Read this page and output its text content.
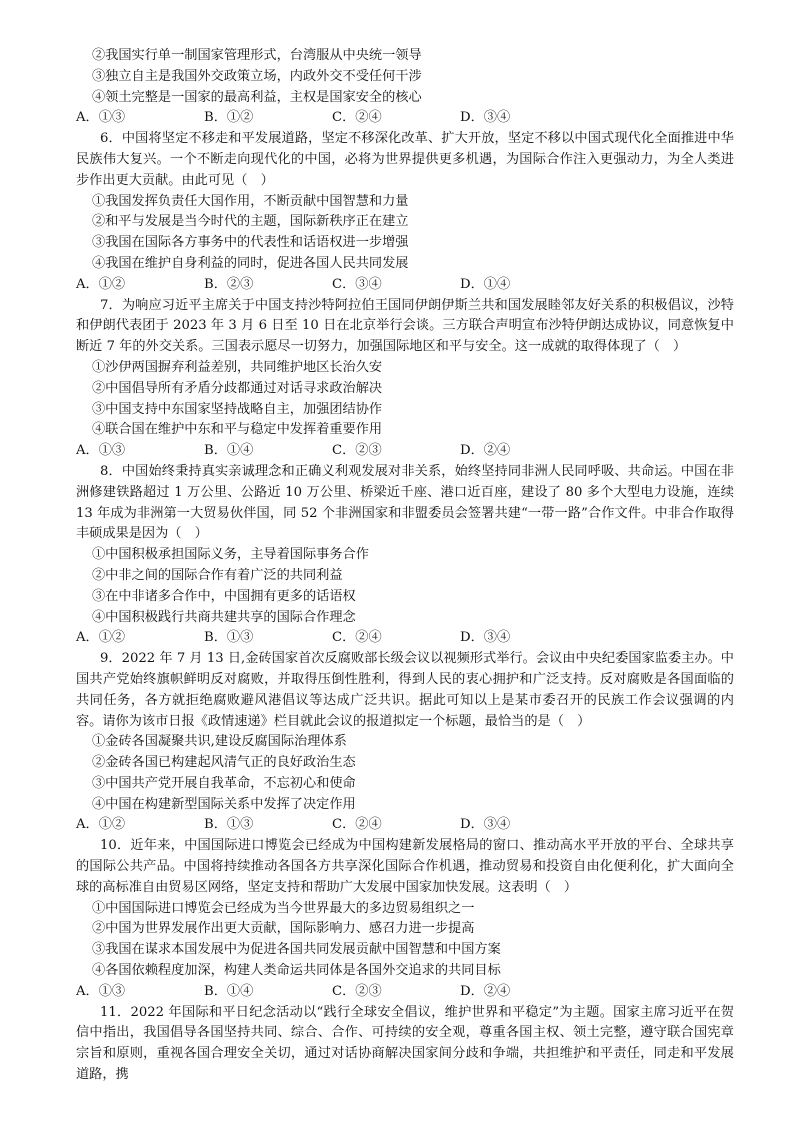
②我国实行单一制国家管理形式，台湾服从中央统一领导
③独立自主是我国外交政策立场，内政外交不受任何干涉
④领土完整是一国家的最高利益，主权是国家安全的核心
A．①③	B．①②	C．②④	D．③④
6．中国将坚定不移走和平发展道路，坚定不移深化改革、扩大开放，坚定不移以中国式现代化全面推进中华民族伟大复兴。一个不断走向现代化的中国，必将为世界提供更多机遇，为国际合作注入更强动力，为全人类进步作出更大贡献。由此可见（　）
①我国发挥负责任大国作用，不断贡献中国智慧和力量
②和平与发展是当今时代的主题，国际新秩序正在建立
③我国在国际各方事务中的代表性和话语权进一步增强
④我国在维护自身利益的同时，促进各国人民共同发展
A．①②	B．②③	C．③④	D．①④
7．为响应习近平主席关于中国支持沙特阿拉伯王国同伊朗伊斯兰共和国发展睦邻友好关系的积极倡议，沙特和伊朗代表团于 2023 年 3 月 6 日至 10 日在北京举行会谈。三方联合声明宣布沙特伊朗达成协议，同意恢复中断近 7 年的外交关系。三国表示愿尽一切努力，加强国际地区和平与安全。这一成就的取得体现了（　）
①沙伊两国摒弃利益差别，共同维护地区长治久安
②中国倡导所有矛盾分歧都通过对话寻求政治解决
③中国支持中东国家坚持战略自主，加强团结协作
④联合国在维护中东和平与稳定中发挥着重要作用
A．①③	B．①④	C．②③	D．②④
8．中国始终秉持真实亲诚理念和正确义利观发展对非关系，始终坚持同非洲人民同呼吸、共命运。中国在非洲修建铁路超过 1 万公里、公路近 10 万公里、桥梁近千座、港口近百座，建设了 80 多个大型电力设施，连续 13 年成为非洲第一大贸易伙伴国，同 52 个非洲国家和非盟委员会签署共建“一带一路”合作文件。中非合作取得丰硕成果是因为（　）
①中国积极承担国际义务，主导着国际事务合作
②中非之间的国际合作有着广泛的共同利益
③在中非诸多合作中，中国拥有更多的话语权
④中国积极践行共商共建共享的国际合作理念
A．①②	B．①③	C．②④	D．③④
9．2022 年 7 月 13 日,金砖国家首次反腐败部长级会议以视频形式举行。会议由中央纪委国家监委主办。中国共产党始终旗帜鲜明反对腐败，并取得压倒性胜利，得到人民的衷心拥护和广泛支持。反对腐败是各国面临的共同任务，各方就拒绝腐败避风港倡议等达成广泛共识。据此可知以上是某市委召开的民族工作会议强调的内容。请你为该市日报《政情速递》栏目就此会议的报道拟定一个标题，最恰当的是（　）
①金砖各国凝聚共识,建设反腐国际治理体系
②金砖各国已构建起风清气正的良好政治生态
③中国共产党开展自我革命，不忘初心和使命
④中国在构建新型国际关系中发挥了决定作用
A．①②	B．①③	C．②④	D．③④
10．近年来，中国国际进口博览会已经成为中国构建新发展格局的窗口、推动高水平开放的平台、全球共享的国际公共产品。中国将持续推动各国各方共享深化国际合作机遇，推动贸易和投资自由化便利化，扩大面向全球的高标准自由贸易区网络，坚定支持和帮助广大发展中国家加快发展。这表明（　）
①中国国际进口博览会已经成为当今世界最大的多边贸易组织之一
②中国为世界发展作出更大贡献，国际影响力、感召力进一步提高
③我国在谋求本国发展中为促进各国共同发展贡献中国智慧和中国方案
④各国依赖程度加深，构建人类命运共同体是各国外交追求的共同目标
A．①③	B．①④	C．②③	D．②④
11．2022 年国际和平日纪念活动以“践行全球安全倡议，维护世界和平稳定”为主题。国家主席习近平在贺信中指出，我国倡导各国坚持共同、综合、合作、可持续的安全观，尊重各国主权、领土完整，遵守联合国宪章宗旨和原则，重视各国合理安全关切，通过对话协商解决国家间分歧和争端，共担维护和平责任，同走和平发展道路，携
